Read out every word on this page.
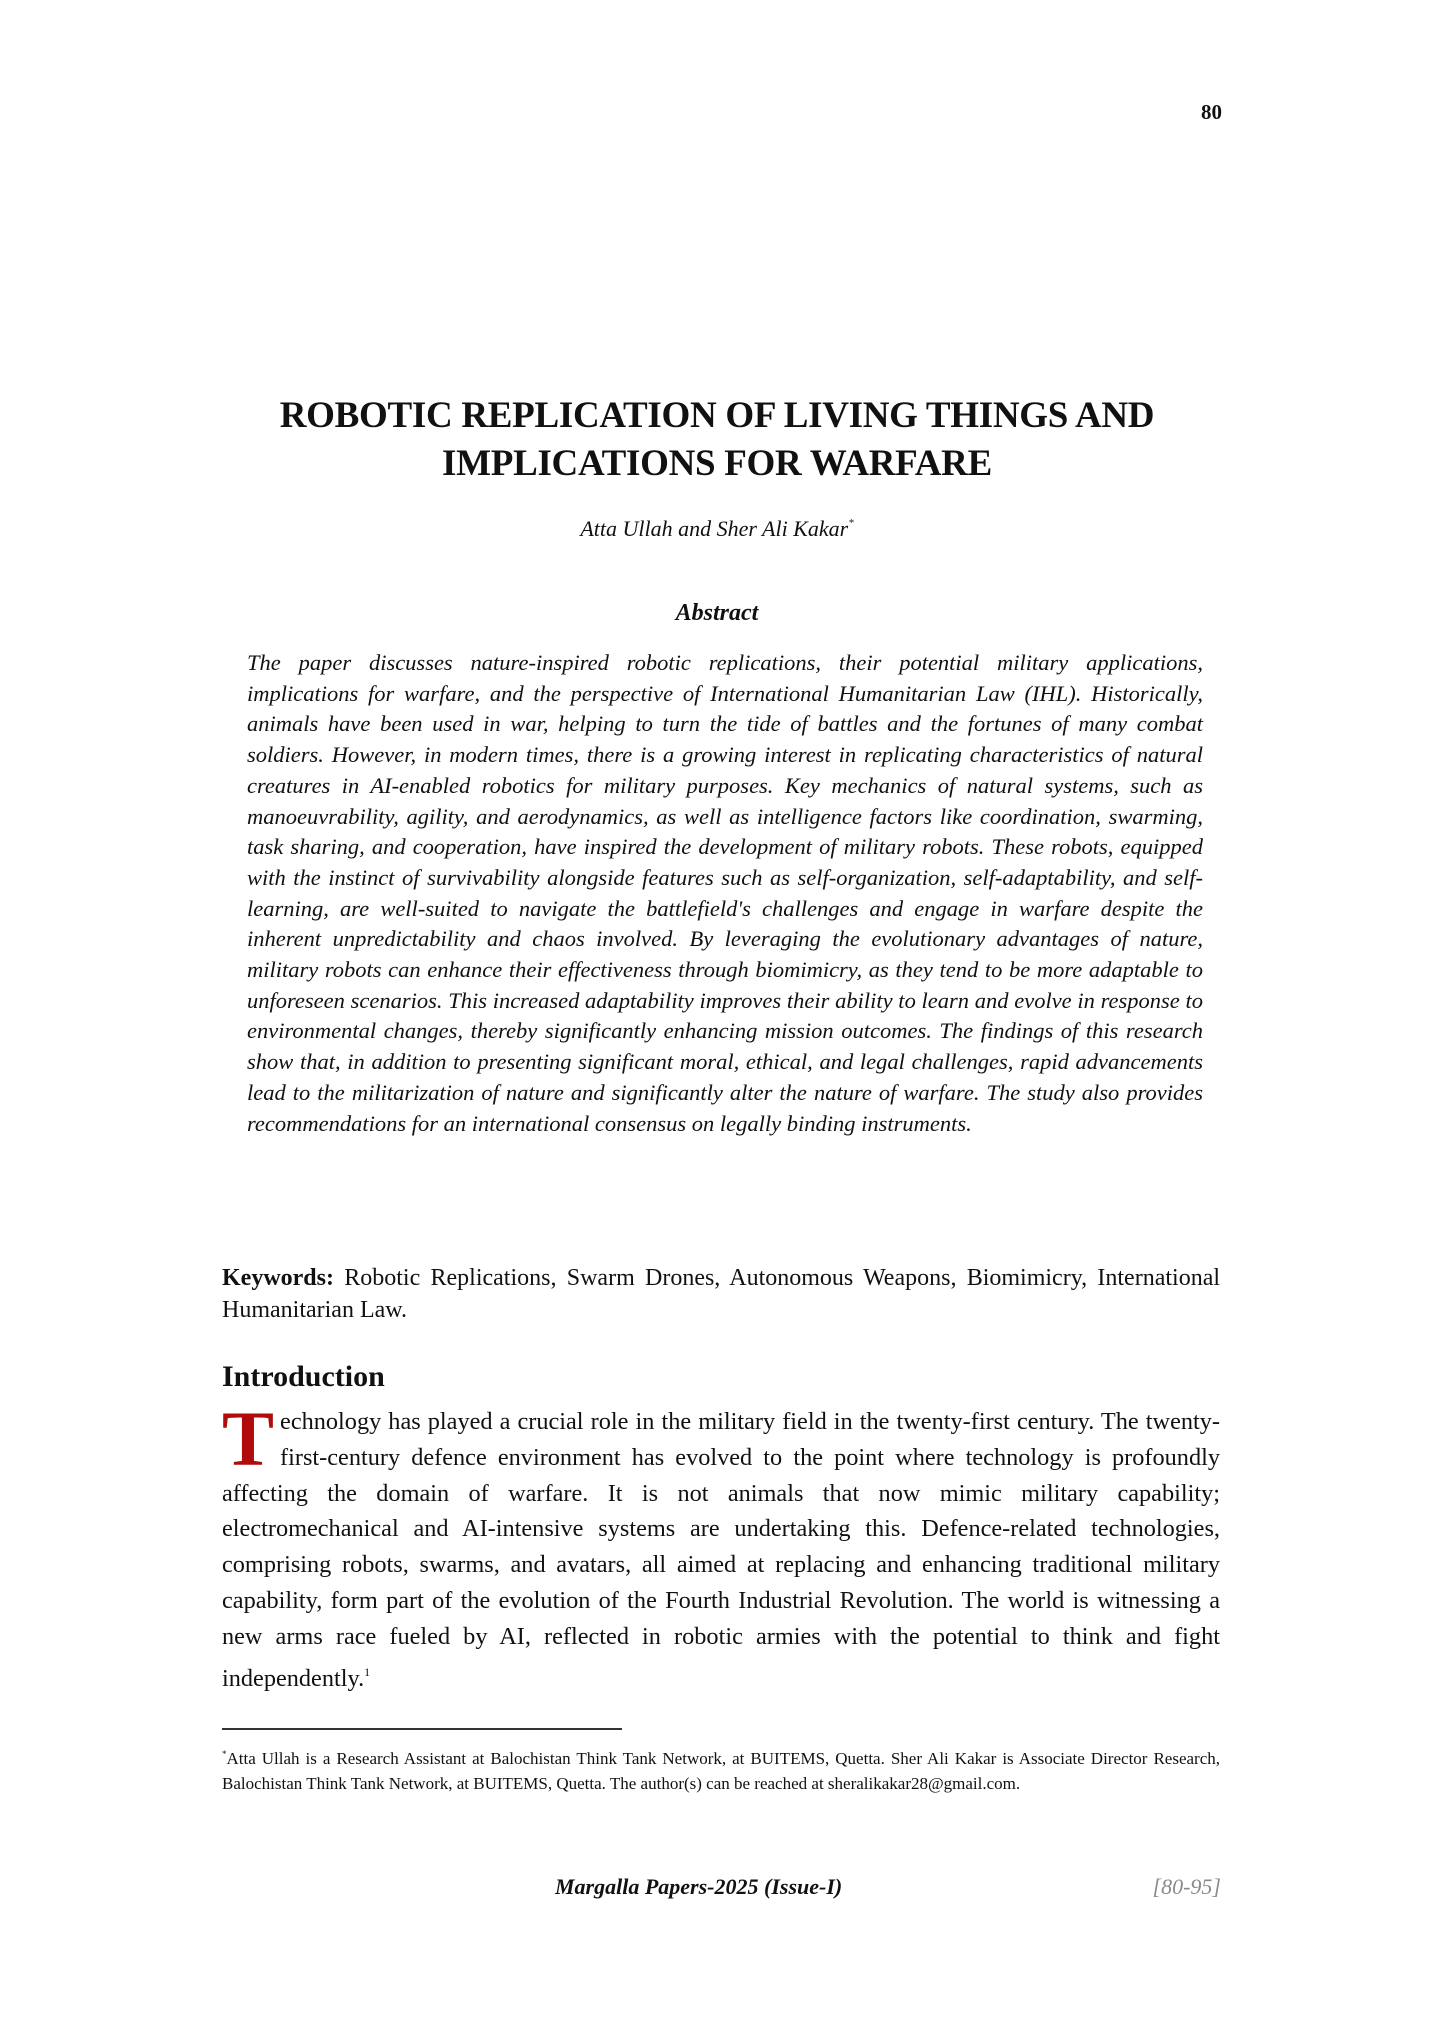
80
ROBOTIC REPLICATION OF LIVING THINGS AND IMPLICATIONS FOR WARFARE
Atta Ullah and Sher Ali Kakar*
Abstract

The paper discusses nature-inspired robotic replications, their potential military applications, implications for warfare, and the perspective of International Humanitarian Law (IHL). Historically, animals have been used in war, helping to turn the tide of battles and the fortunes of many combat soldiers. However, in modern times, there is a growing interest in replicating characteristics of natural creatures in AI-enabled robotics for military purposes. Key mechanics of natural systems, such as manoeuvrability, agility, and aerodynamics, as well as intelligence factors like coordination, swarming, task sharing, and cooperation, have inspired the development of military robots. These robots, equipped with the instinct of survivability alongside features such as self-organization, self-adaptability, and self-learning, are well-suited to navigate the battlefield's challenges and engage in warfare despite the inherent unpredictability and chaos involved. By leveraging the evolutionary advantages of nature, military robots can enhance their effectiveness through biomimicry, as they tend to be more adaptable to unforeseen scenarios. This increased adaptability improves their ability to learn and evolve in response to environmental changes, thereby significantly enhancing mission outcomes. The findings of this research show that, in addition to presenting significant moral, ethical, and legal challenges, rapid advancements lead to the militarization of nature and significantly alter the nature of warfare. The study also provides recommendations for an international consensus on legally binding instruments.

Keywords: Robotic Replications, Swarm Drones, Autonomous Weapons, Biomimicry, International Humanitarian Law.

Introduction

Technology has played a crucial role in the military field in the twenty-first century. The twenty-first-century defence environment has evolved to the point where technology is profoundly affecting the domain of warfare. It is not animals that now mimic military capability; electromechanical and AI-intensive systems are undertaking this. Defence-related technologies, comprising robots, swarms, and avatars, all aimed at replacing and enhancing traditional military capability, form part of the evolution of the Fourth Industrial Revolution. The world is witnessing a new arms race fueled by AI, reflected in robotic armies with the potential to think and fight independently.$^1$

*Atta Ullah is a Research Assistant at Balochistan Think Tank Network, at BUITEMS, Quetta. Sher Ali Kakar is Associate Director Research, Balochistan Think Tank Network, at BUITEMS, Quetta. The author(s) can be reached at sheralikakar28@gmail.com.

Margalla Papers-2025 (Issue-I)	[80-95]
